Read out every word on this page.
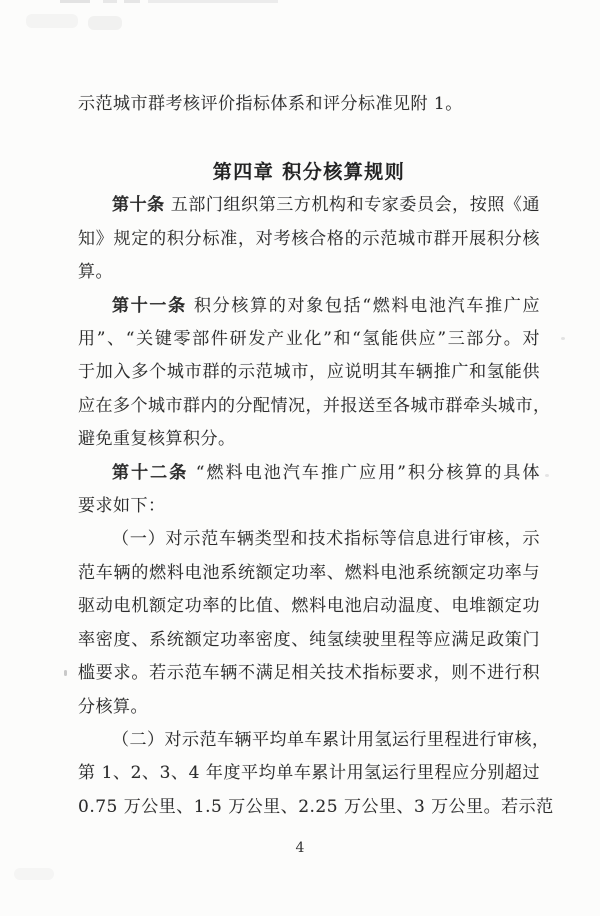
示范城市群考核评价指标体系和评分标准见附 1。
第四章 积分核算规则
第十条 五部门组织第三方机构和专家委员会，按照《通
知》规定的积分标准，对考核合格的示范城市群开展积分核
算。
第十一条 积分核算的对象包括“燃料电池汽车推广应
用”、“关键零部件研发产业化”和“氢能供应”三部分。对
于加入多个城市群的示范城市，应说明其车辆推广和氢能供
应在多个城市群内的分配情况，并报送至各城市群牵头城市，
避免重复核算积分。
第十二条 “燃料电池汽车推广应用”积分核算的具体
要求如下：
（一）对示范车辆类型和技术指标等信息进行审核，示
范车辆的燃料电池系统额定功率、燃料电池系统额定功率与
驱动电机额定功率的比值、燃料电池启动温度、电堆额定功
率密度、系统额定功率密度、纯氢续驶里程等应满足政策门
槛要求。若示范车辆不满足相关技术指标要求，则不进行积
分核算。
（二）对示范车辆平均单车累计用氢运行里程进行审核，
第 1、2、3、4 年度平均单车累计用氢运行里程应分别超过
0.75 万公里、1.5 万公里、2.25 万公里、3 万公里。若示范
4
